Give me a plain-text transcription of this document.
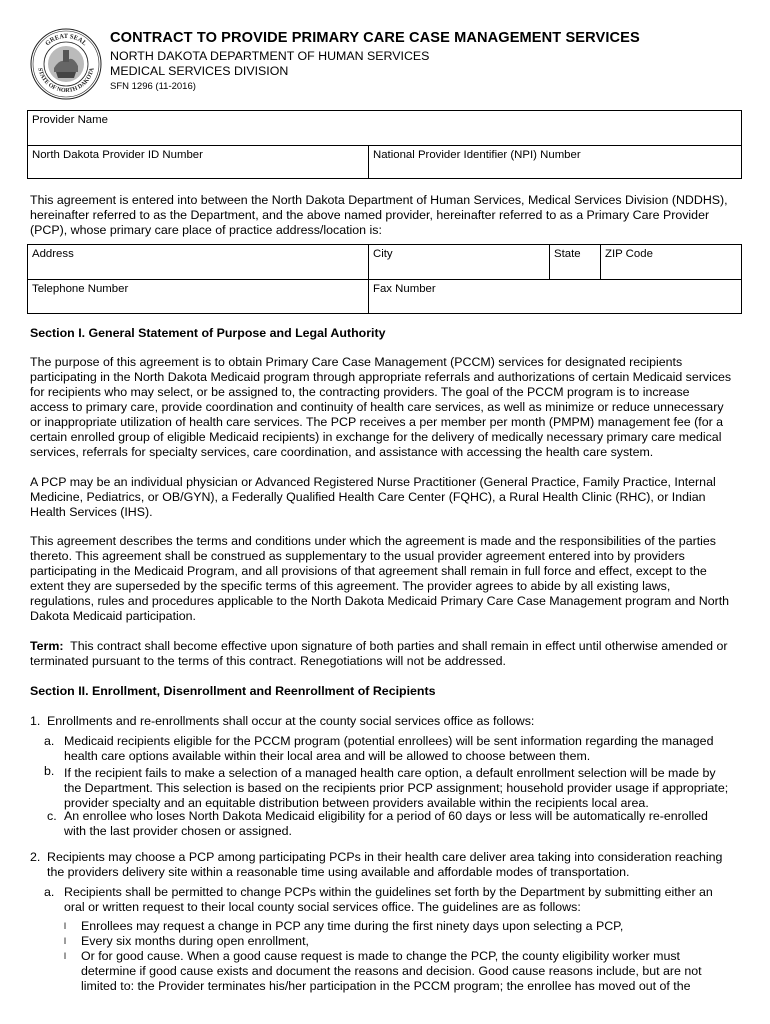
GREAT SEAL
STATE OF NORTH DAKOTA
CONTRACT TO PROVIDE PRIMARY CARE CASE MANAGEMENT SERVICES
NORTH DAKOTA DEPARTMENT OF HUMAN SERVICES
MEDICAL SERVICES DIVISION
SFN 1296 (11-2016)
Provider Name
North Dakota Provider ID Number	National Provider Identifier (NPI) Number
This agreement is entered into between the North Dakota Department of Human Services, Medical Services Division (NDDHS),
hereinafter referred to as the Department, and the above named provider, hereinafter referred to as a Primary Care Provider
(PCP), whose primary care place of practice address/location is:
Address	City	State	ZIP Code
Telephone Number	Fax Number
Section I. General Statement of Purpose and Legal Authority
The purpose of this agreement is to obtain Primary Care Case Management (PCCM) services for designated recipients
participating in the North Dakota Medicaid program through appropriate referrals and authorizations of certain Medicaid services
for recipients who may select, or be assigned to, the contracting providers. The goal of the PCCM program is to increase
access to primary care, provide coordination and continuity of health care services, as well as minimize or reduce unnecessary
or inappropriate utilization of health care services. The PCP receives a per member per month (PMPM) management fee (for a
certain enrolled group of eligible Medicaid recipients) in exchange for the delivery of medically necessary primary care medical
services, referrals for specialty services, care coordination, and assistance with accessing the health care system.
A PCP may be an individual physician or Advanced Registered Nurse Practitioner (General Practice, Family Practice, Internal
Medicine, Pediatrics, or OB/GYN), a Federally Qualified Health Care Center (FQHC), a Rural Health Clinic (RHC), or Indian
Health Services (IHS).
This agreement describes the terms and conditions under which the agreement is made and the responsibilities of the parties
thereto. This agreement shall be construed as supplementary to the usual provider agreement entered into by providers
participating in the Medicaid Program, and all provisions of that agreement shall remain in full force and effect, except to the
extent they are superseded by the specific terms of this agreement. The provider agrees to abide by all existing laws,
regulations, rules and procedures applicable to the North Dakota Medicaid Primary Care Case Management program and North
Dakota Medicaid participation.
Term:  This contract shall become effective upon signature of both parties and shall remain in effect until otherwise amended or
terminated pursuant to the terms of this contract. Renegotiations will not be addressed.
Section II. Enrollment, Disenrollment and Reenrollment of Recipients
1. Enrollments and re-enrollments shall occur at the county social services office as follows:
a. Medicaid recipients eligible for the PCCM program (potential enrollees) will be sent information regarding the managed
health care options available within their local area and will be allowed to choose between them.
b. If the recipient fails to make a selection of a managed health care option, a default enrollment selection will be made by
the Department. This selection is based on the recipients prior PCP assignment; household provider usage if appropriate;
provider specialty and an equitable distribution between providers available within the recipients local area.
c. An enrollee who loses North Dakota Medicaid eligibility for a period of 60 days or less will be automatically re-enrolled
with the last provider chosen or assigned.
2. Recipients may choose a PCP among participating PCPs in their health care deliver area taking into consideration reaching
the providers delivery site within a reasonable time using available and affordable modes of transportation.
a. Recipients shall be permitted to change PCPs within the guidelines set forth by the Department by submitting either an
oral or written request to their local county social services office. The guidelines are as follows:
l Enrollees may request a change in PCP any time during the first ninety days upon selecting a PCP,
l Every six months during open enrollment,
l Or for good cause. When a good cause request is made to change the PCP, the county eligibility worker must
determine if good cause exists and document the reasons and decision. Good cause reasons include, but are not
limited to: the Provider terminates his/her participation in the PCCM program; the enrollee has moved out of the
